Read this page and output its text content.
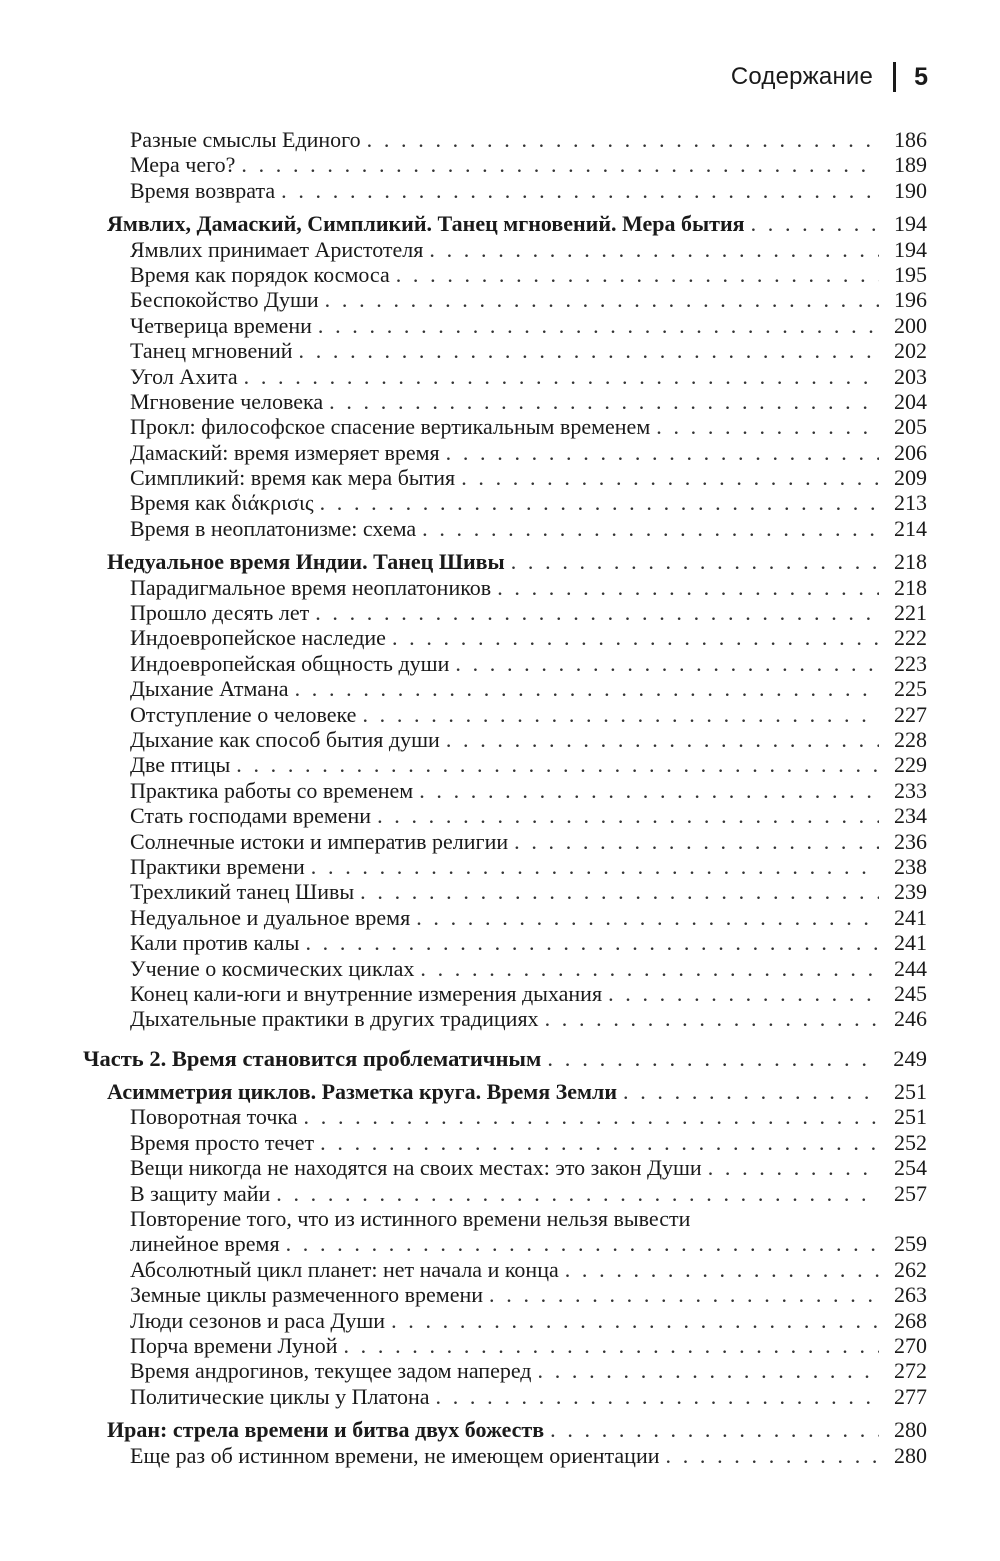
Содержание 5
Разные смыслы Единого . . .	186
Мера чего? . . .	189
Время возврата . . .	190
Ямвлих, Дамаский, Симпликий. Танец мгновений. Мера бытия . . .	194
Ямвлих принимает Аристотеля . . .	194
Время как порядок космоса . . .	195
Беспокойство Души . . .	196
Четверица времени . . .	200
Танец мгновений . . .	202
Угол Ахита . . .	203
Мгновение человека . . .	204
Прокл: философское спасение вертикальным временем . . .	205
Дамаский: время измеряет время . . .	206
Симпликий: время как мера бытия . . .	209
Время как διάκρισις . . .	213
Время в неоплатонизме: схема . . .	214
Недуальное время Индии. Танец Шивы . . .	218
Парадигмальное время неоплатоников . . .	218
Прошло десять лет . . .	221
Индоевропейское наследие . . .	222
Индоевропейская общность души . . .	223
Дыхание Атмана . . .	225
Отступление о человеке . . .	227
Дыхание как способ бытия души . . .	228
Две птицы . . .	229
Практика работы со временем . . .	233
Стать господами времени . . .	234
Солнечные истоки и императив религии . . .	236
Практики времени . . .	238
Трехликий танец Шивы . . .	239
Недуальное и дуальное время . . .	241
Кали против калы . . .	241
Учение о космических циклах . . .	244
Конец кали-юги и внутренние измерения дыхания . . .	245
Дыхательные практики в других традициях . . .	246
Часть 2. Время становится проблематичным . . .	249
Асимметрия циклов. Разметка круга. Время Земли . . .	251
Поворотная точка . . .	251
Время просто течет . . .	252
Вещи никогда не находятся на своих местах: это закон Души . . .	254
В защиту майи . . .	257
Повторение того, что из истинного времени нельзя вывести
линейное время . . .	259
Абсолютный цикл планет: нет начала и конца . . .	262
Земные циклы размеченного времени . . .	263
Люди сезонов и раса Души . . .	268
Порча времени Луной . . .	270
Время андрогинов, текущее задом наперед . . .	272
Политические циклы у Платона . . .	277
Иран: стрела времени и битва двух божеств . . .	280
Еще раз об истинном времени, не имеющем ориентации . . .	280
